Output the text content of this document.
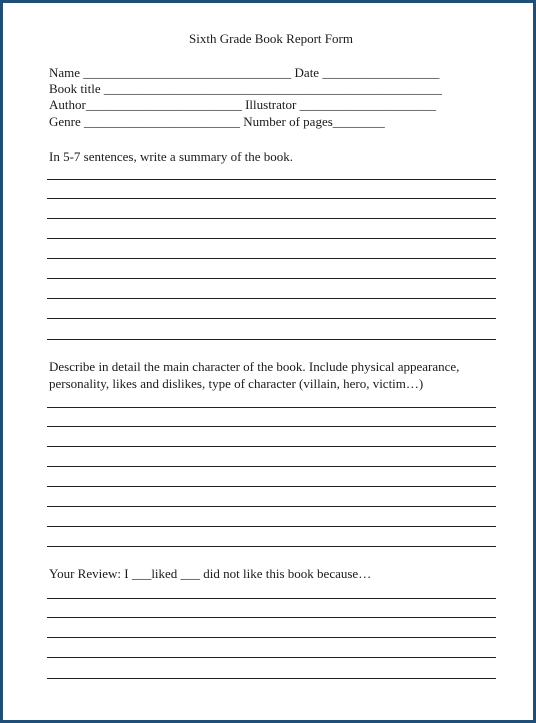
Sixth Grade Book Report Form
Name ________________________________ Date __________________
Book title ____________________________________________________
Author________________________ Illustrator _____________________
Genre ________________________ Number of pages________
In 5-7 sentences, write a summary of the book.
Describe in detail the main character of the book. Include physical appearance, personality, likes and dislikes, type of character (villain, hero, victim…)
Your Review: I ___liked ___ did not like this book because…
